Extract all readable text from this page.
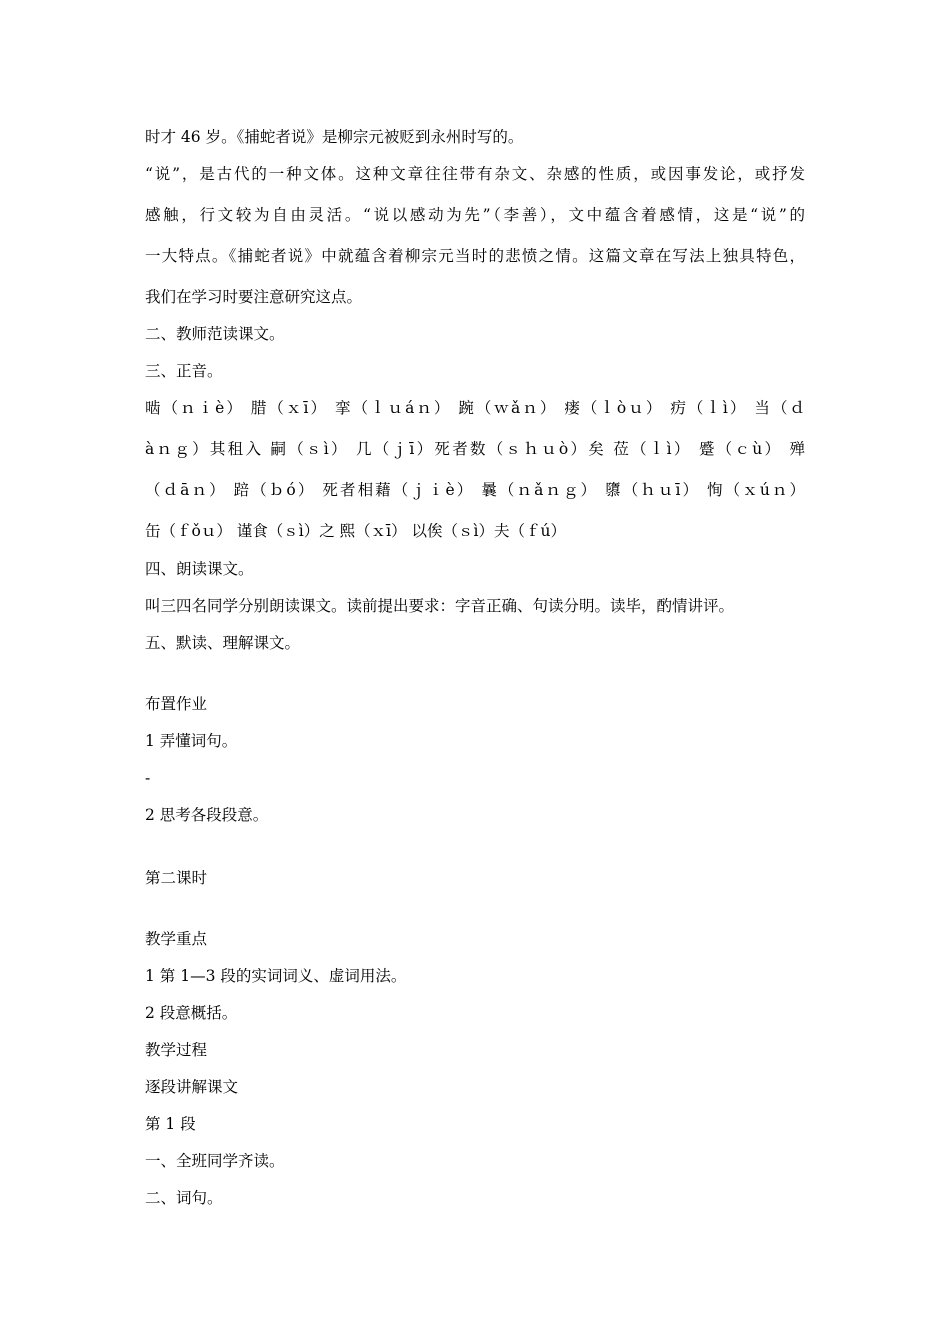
时才 46 岁。《捕蛇者说》是柳宗元被贬到永州时写的。
“说”，是古代的一种文体。这种文章往往带有杂文、杂感的性质，或因事发论，或抒发
感触，行文较为自由灵活。“说以感动为先”（李善），文中蕴含着感情，这是“说”的
一大特点。《捕蛇者说》中就蕴含着柳宗元当时的悲愤之情。这篇文章在写法上独具特色，
我们在学习时要注意研究这点。
二、教师范读课文。
三、正音。
啮（ｎｉè） 腊（ｘī） 挛（ｌｕáｎ） 踠（ｗǎｎ） 瘘（ｌòｕ） 疠（ｌì） 当（ｄ
àｎｇ）其租入 嗣（ｓì） 几（ｊī）死者数（ｓｈｕò）矣 莅（ｌì） 蹙（ｃù） 殚
（ｄāｎ） 踣（ｂó） 死者相藉（ｊｉè） 曩（ｎǎｎｇ） 隳（ｈｕī） 恂（ｘúｎ）
缶（ｆǒｕ） 谨食（ｓì）之 熙（ｘī） 以俟（ｓì）夫（ｆú）
四、朗读课文。
叫三四名同学分别朗读课文。读前提出要求：字音正确、句读分明。读毕，酌情讲评。
五、默读、理解课文。
布置作业
1 弄懂词句。
-
2 思考各段段意。
第二课时
教学重点
1 第 1—3 段的实词词义、虚词用法。
2 段意概括。
教学过程
逐段讲解课文
第 1 段
一、全班同学齐读。
二、词句。
